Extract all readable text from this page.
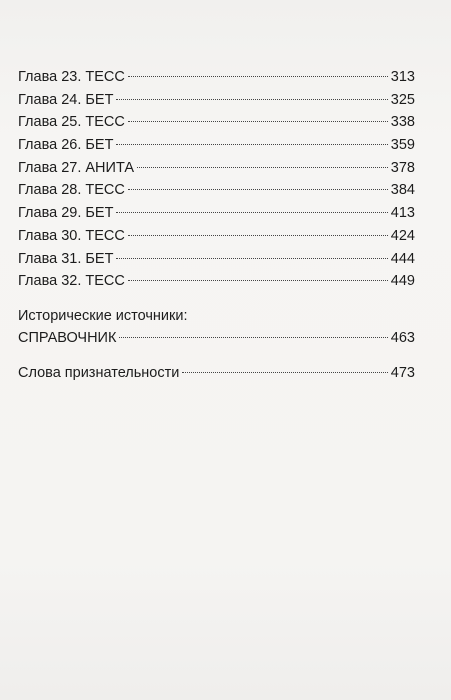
Глава 23. ТЕСС	313
Глава 24. БЕТ	325
Глава 25. ТЕСС	338
Глава 26. БЕТ	359
Глава 27. АНИТА	378
Глава 28. ТЕСС	384
Глава 29. БЕТ	413
Глава 30. ТЕСС	424
Глава 31. БЕТ	444
Глава 32. ТЕСС	449
Исторические источники:
СПРАВОЧНИК	463
Слова признательности	473
